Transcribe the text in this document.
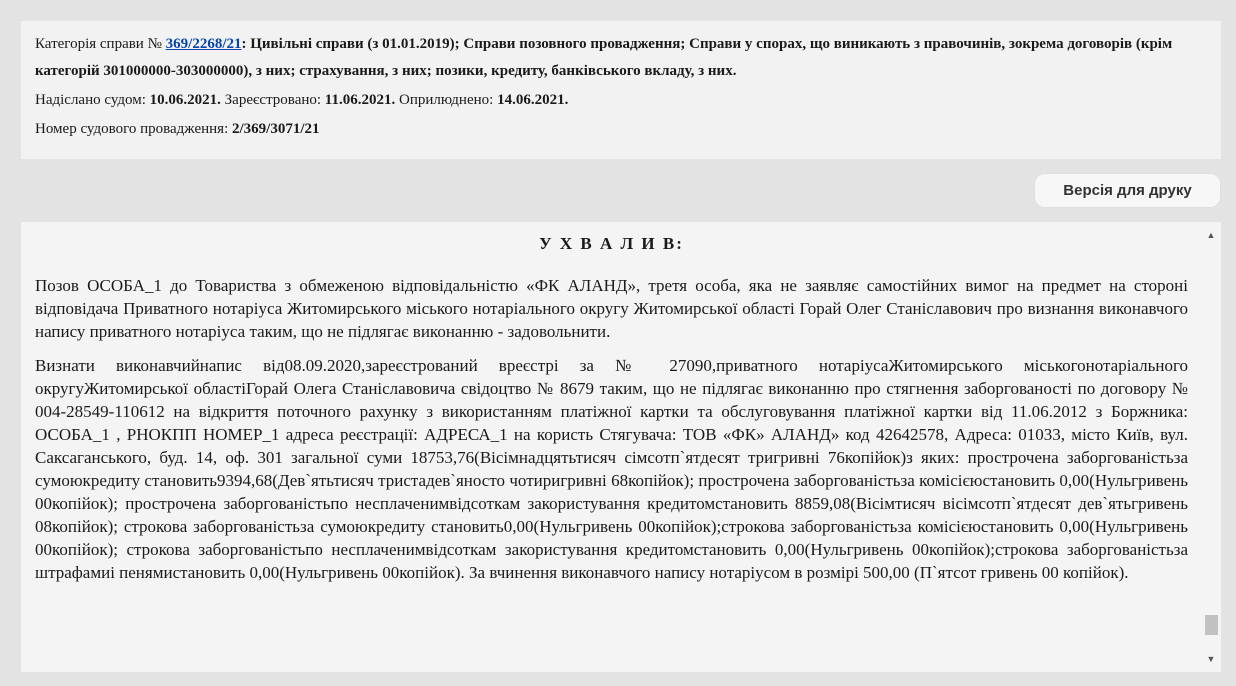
Категорія справи № 369/2268/21: Цивільні справи (з 01.01.2019); Справи позовного провадження; Справи у спорах, що виникають з правочинів, зокрема договорів (крім категорій 301000000-303000000), з них; страхування, з них; позики, кредиту, банківського вкладу, з них.

Надіслано судом: 10.06.2021. Зареєстровано: 11.06.2021. Оприлюднено: 14.06.2021.

Номер судового провадження: 2/369/3071/21

Версія для друку
У Х В А Л И В:

Позов ОСОБА_1 до Товариства з обмеженою відповідальністю «ФК АЛАНД», третя особа, яка не заявляє самостійних вимог на предмет на стороні відповідача Приватного нотаріуса Житомирського міського нотаріального округу Житомирської області Горай Олег Станіславович про визнання виконавчого напису приватного нотаріуса таким, що не підлягає виконанню - задовольнити.

Визнати виконавчийнапис від08.09.2020,зареєстрований вреєстрі за № 27090,приватного нотаріусаЖитомирського міськогонотаріального округуЖитомирської областіГорай Олега Станіславовича свідоцтво № 8679 таким, що не підлягає виконанню про стягнення заборгованості по договору № 004-28549-110612 на відкриття поточного рахунку з використанням платіжної картки та обслуговування платіжної картки від 11.06.2012 з Боржника: ОСОБА_1 , РНОКПП НОМЕР_1 адреса реєстрації: АДРЕСА_1 на користь Стягувача: ТОВ «ФК» АЛАНД» код 42642578, Адреса: 01033, місто Київ, вул. Саксаганського, буд. 14, оф. 301 загальної суми 18753,76(Вісімнадцятьтисяч сімсотп`ятдесят тригривні 76копійок)з яких: прострочена заборгованістьза сумоюкредиту становить9394,68(Дев`ятьтисяч тристадев`яносто чотиригривні 68копійок); прострочена заборгованістьза комісієюстановить 0,00(Нульгривень 00копійок); прострочена заборгованістьпо несплаченимвідсоткам закористування кредитомстановить 8859,08(Вісімтисяч вісімсотп`ятдесят дев`ятьгривень 08копійок); строкова заборгованістьза сумоюкредиту становить0,00(Нульгривень 00копійок);строкова заборгованістьза комісієюстановить 0,00(Нульгривень 00копійок); строкова заборгованістьпо несплаченимвідсоткам закористування кредитомстановить 0,00(Нульгривень 00копійок);строкова заборгованістьза штрафамиі пенямистановить 0,00(Нульгривень 00копійок). За вчинення виконавчого напису нотаріусом в розмірі 500,00 (П`ятсот гривень 00 копійок).

▲
▼
